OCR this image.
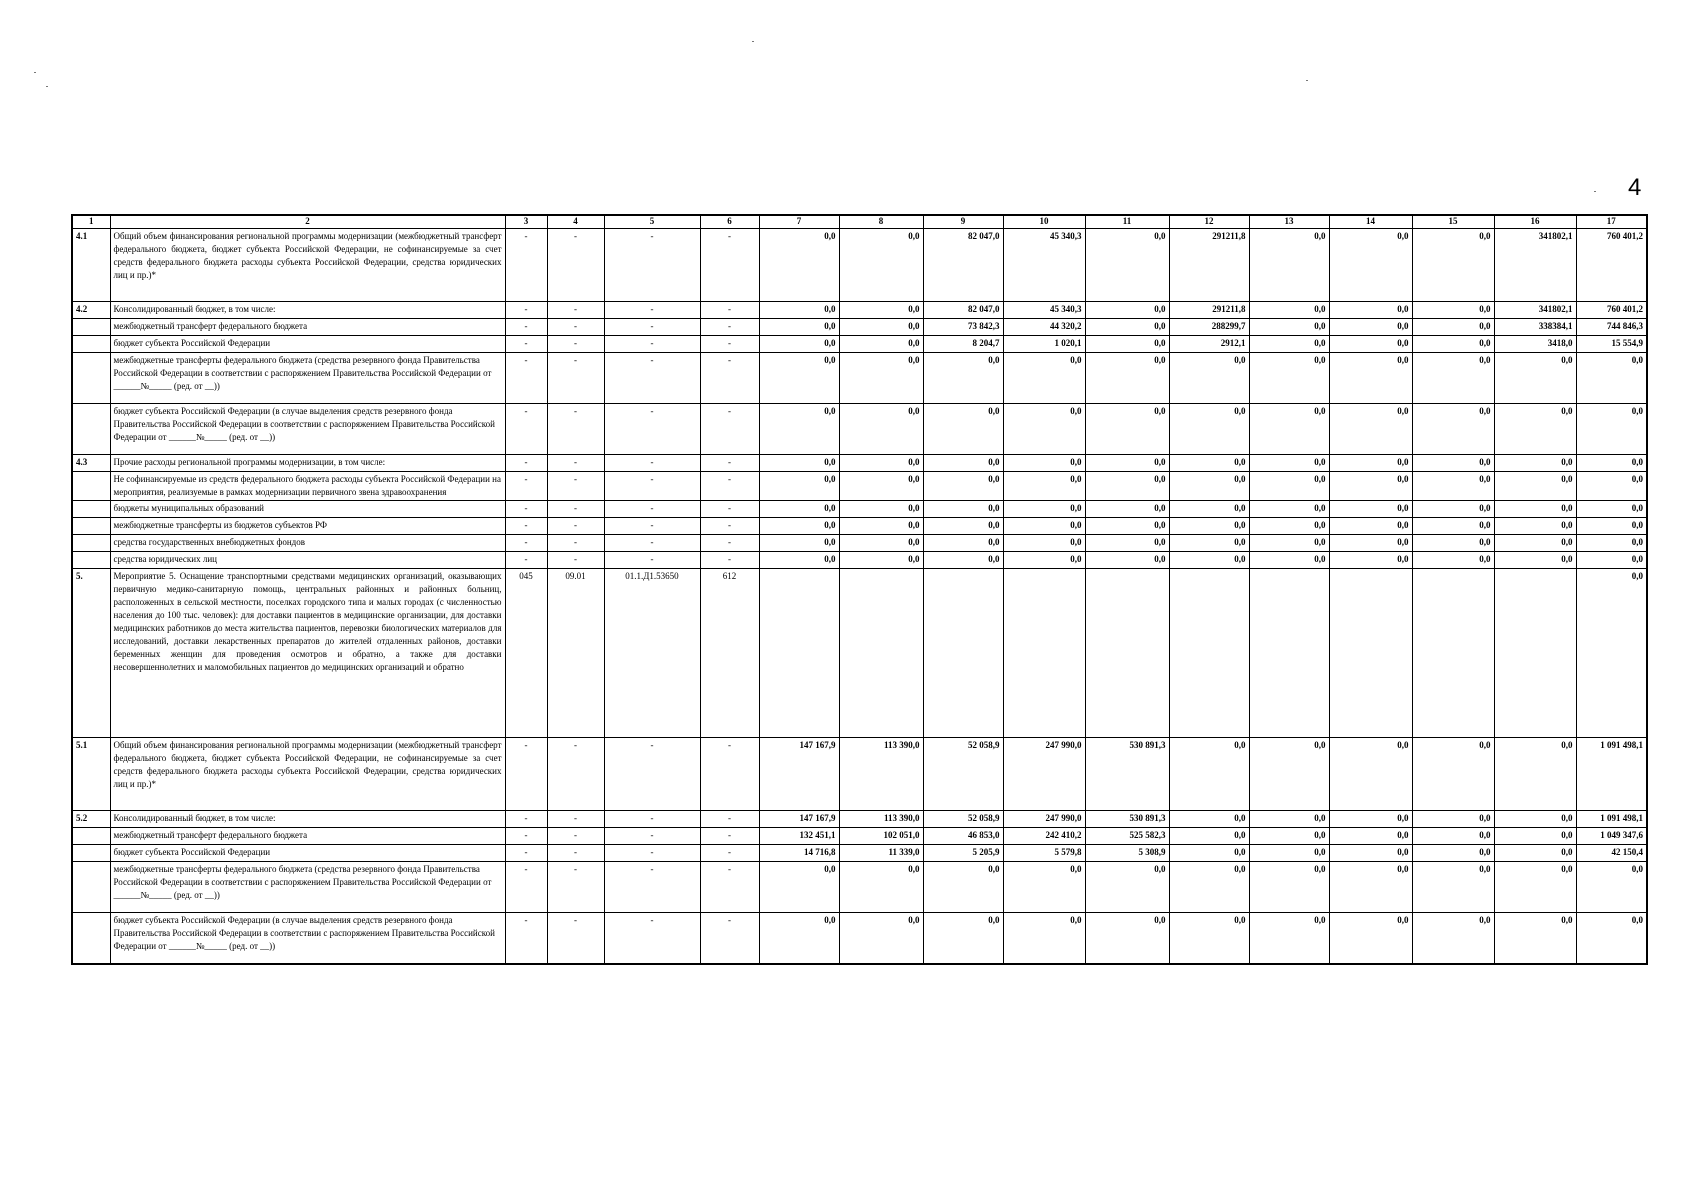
4
1	2	3	4	5	6	7	8	9	10	11	12	13	14	15	16	17
4.1	Общий объем финансирования региональной программы модернизации (межбюджетный трансферт федерального бюджета, бюджет субъекта Российской Федерации, не софинансируемые за счет средств федерального бюджета расходы субъекта Российской Федерации, средства юридических лиц и пр.)*	-	-	-	-	0,0	0,0	82 047,0	45 340,3	0,0	291211,8	0,0	0,0	0,0	341802,1	760 401,2
4.2	Консолидированный бюджет, в том числе:	-	-	-	-	0,0	0,0	82 047,0	45 340,3	0,0	291211,8	0,0	0,0	0,0	341802,1	760 401,2
	межбюджетный трансферт федерального бюджета	-	-	-	-	0,0	0,0	73 842,3	44 320,2	0,0	288299,7	0,0	0,0	0,0	338384,1	744 846,3
	бюджет субъекта Российской Федерации	-	-	-	-	0,0	0,0	8 204,7	1 020,1	0,0	2912,1	0,0	0,0	0,0	3418,0	15 554,9
	межбюджетные трансферты федерального бюджета (средства резервного фонда Правительства Российской Федерации в соответствии с распоряжением Правительства Российской Федерации от ______№_____ (ред. от __))	-	-	-	-	0,0	0,0	0,0	0,0	0,0	0,0	0,0	0,0	0,0	0,0	0,0
	бюджет субъекта Российской Федерации (в случае выделения средств резервного фонда Правительства Российской Федерации в соответствии с распоряжением Правительства Российской Федерации от ______№_____ (ред. от __))	-	-	-	-	0,0	0,0	0,0	0,0	0,0	0,0	0,0	0,0	0,0	0,0	0,0
4.3	Прочие расходы региональной программы модернизации, в том числе:	-	-	-	-	0,0	0,0	0,0	0,0	0,0	0,0	0,0	0,0	0,0	0,0	0,0
	Не софинансируемые из средств федерального бюджета расходы субъекта Российской Федерации на мероприятия, реализуемые в рамках модернизации первичного звена здравоохранения	-	-	-	-	0,0	0,0	0,0	0,0	0,0	0,0	0,0	0,0	0,0	0,0	0,0
	бюджеты муниципальных образований	-	-	-	-	0,0	0,0	0,0	0,0	0,0	0,0	0,0	0,0	0,0	0,0	0,0
	межбюджетные трансферты из бюджетов субъектов РФ	-	-	-	-	0,0	0,0	0,0	0,0	0,0	0,0	0,0	0,0	0,0	0,0	0,0
	средства государственных внебюджетных фондов	-	-	-	-	0,0	0,0	0,0	0,0	0,0	0,0	0,0	0,0	0,0	0,0	0,0
	средства юридических лиц	-	-	-	-	0,0	0,0	0,0	0,0	0,0	0,0	0,0	0,0	0,0	0,0	0,0
5.	Мероприятие 5. Оснащение транспортными средствами медицинских организаций, оказывающих первичную медико-санитарную помощь, центральных районных и районных больниц, расположенных в сельской местности, поселках городского типа и малых городах (с численностью населения до 100 тыс. человек): для доставки пациентов в медицинские организации, для доставки медицинских работников до места жительства пациентов, перевозки биологических материалов для исследований, доставки лекарственных препаратов до жителей отдаленных районов, доставки беременных женщин для проведения осмотров и обратно, а также для доставки несовершеннолетних и маломобильных пациентов до медицинских организаций и обратно	045	09.01	01.1.Д1.53650	612											0,0
5.1	Общий объем финансирования региональной программы модернизации (межбюджетный трансферт федерального бюджета, бюджет субъекта Российской Федерации, не софинансируемые за счет средств федерального бюджета расходы субъекта Российской Федерации, средства юридических лиц и пр.)*	-	-	-	-	147 167,9	113 390,0	52 058,9	247 990,0	530 891,3	0,0	0,0	0,0	0,0	0,0	1 091 498,1
5.2	Консолидированный бюджет, в том числе:	-	-	-	-	147 167,9	113 390,0	52 058,9	247 990,0	530 891,3	0,0	0,0	0,0	0,0	0,0	1 091 498,1
	межбюджетный трансферт федерального бюджета	-	-	-	-	132 451,1	102 051,0	46 853,0	242 410,2	525 582,3	0,0	0,0	0,0	0,0	0,0	1 049 347,6
	бюджет субъекта Российской Федерации	-	-	-	-	14 716,8	11 339,0	5 205,9	5 579,8	5 308,9	0,0	0,0	0,0	0,0	0,0	42 150,4
	межбюджетные трансферты федерального бюджета (средства резервного фонда Правительства Российской Федерации в соответствии с распоряжением Правительства Российской Федерации от ______№_____ (ред. от __))	-	-	-	-	0,0	0,0	0,0	0,0	0,0	0,0	0,0	0,0	0,0	0,0	0,0
	бюджет субъекта Российской Федерации (в случае выделения средств резервного фонда Правительства Российской Федерации в соответствии с распоряжением Правительства Российской Федерации от ______№_____ (ред. от __))	-	-	-	-	0,0	0,0	0,0	0,0	0,0	0,0	0,0	0,0	0,0	0,0	0,0
